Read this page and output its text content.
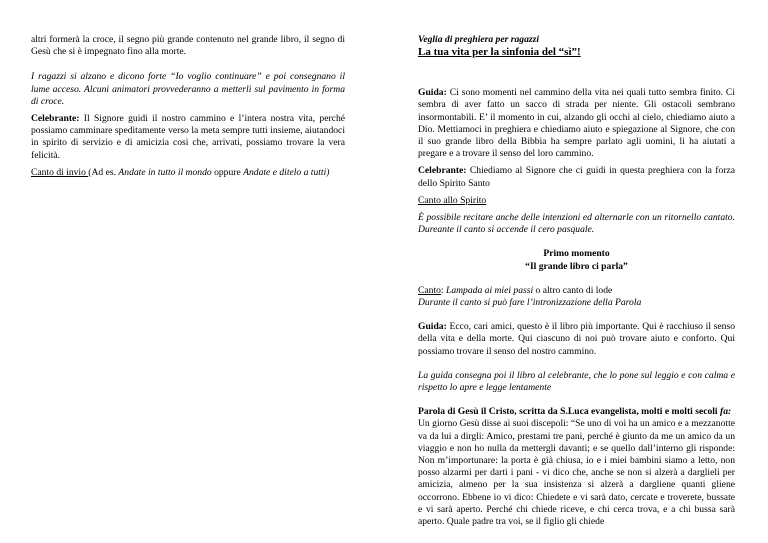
altri formerà la croce, il segno più grande contenuto nel grande libro, il segno di Gesù che si è impegnato fino alla morte.

I ragazzi si alzano e dicono forte “Io voglio continuare” e poi consegnano il lume acceso. Alcuni animatori provvederanno a metterli sul pavimento in forma di croce.

Celebrante: Il Signore guidi il nostro cammino e l’intera nostra vita, perché possiamo camminare speditamente verso la meta sempre tutti insieme, aiutandoci in spirito di servizio e di amicizia così che, arrivati, possiamo trovare la vera felicità.

Canto di invio (Ad es. Andate in tutto il mondo oppure Andate e ditelo a tutti)

Veglia di preghiera per ragazzi

La tua vita per la sinfonia del “sì”!

Guida: Ci sono momenti nel cammino della vita nei quali tutto sembra finito. Ci sembra di aver fatto un sacco di strada per niente. Gli ostacoli sembrano insormontabili. E’ il momento in cui, alzando gli occhi al cielo, chiediamo aiuto a Dio. Mettiamoci in preghiera e chiediamo aiuto e spiegazione al Signore, che con il suo grande libro della Bibbia ha sempre parlato agli uomini, li ha aiutati a pregare e a trovare il senso del loro cammino.

Celebrante: Chiediamo al Signore che ci guidi in questa preghiera con la forza dello Spirito Santo

Canto allo Spirito

È possibile recitare anche delle intenzioni ed alternarle con un ritornello cantato. Dureante il canto si accende il cero pasquale.

Primo momento

“Il grande libro ci parla”

Canto: Lampada ai miei passi o altro canto di lode

Durante il canto si può fare l’intronizzazione della Parola

Guida: Ecco, cari amici, questo è il libro più importante. Qui è racchiuso il senso della vita e della morte. Qui ciascuno di noi può trovare aiuto e conforto. Qui possiamo trovare il senso del nostro cammino.

La guida consegna poi il libro al celebrante, che lo pone sul leggio e con calma e rispetto lo apre e legge lentamente

Parola di Gesù il Cristo, scritta da S.Luca evangelista, molti e molti secoli fa:

Un giorno Gesù disse ai suoi discepoli: “Se uno di voi ha un amico e a mezzanotte va da lui a dirgli: Amico, prestami tre pani, perché è giunto da me un amico da un viaggio e non ho nulla da mettergli davanti; e se quello dall’interno gli risponde: Non m’importunare: la porta è già chiusa, io e i miei bambini siamo a letto, non posso alzarmi per darti i pani - vi dico che, anche se non si alzerà a darglieli per amicizia, almeno per la sua insistenza si alzerà a dargliene quanti gliene occorrono. Ebbene io vi dico: Chiedete e vi sarà dato, cercate e troverete, bussate e vi sarà aperto. Perché chi chiede riceve, e chi cerca trova, e a chi bussa sarà aperto. Quale padre tra voi, se il figlio gli chiede
